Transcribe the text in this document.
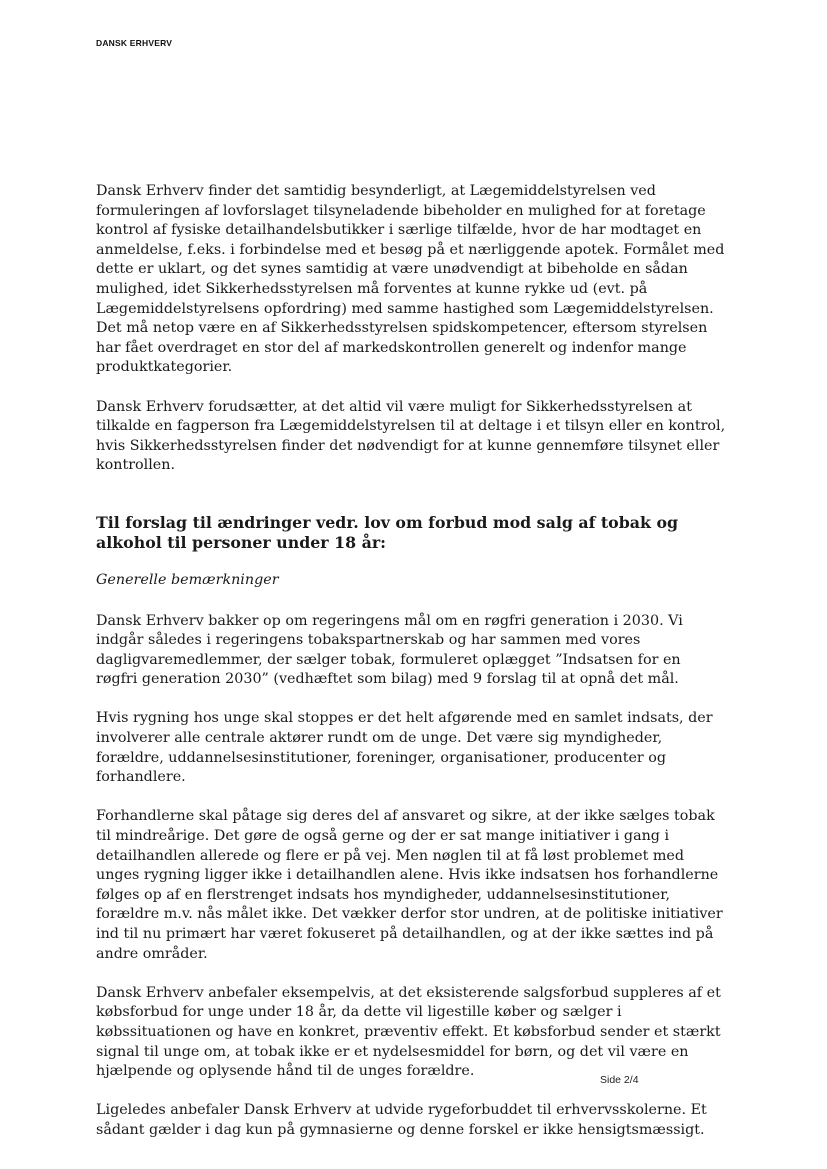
DANSK ERHVERV

Dansk Erhverv finder det samtidig besynderligt, at Lægemiddelstyrelsen ved formuleringen af lovforslaget tilsyneladende bibeholder en mulighed for at foretage kontrol af fysiske detailhandelsbutikker i særlige tilfælde, hvor de har modtaget en anmeldelse, f.eks. i forbindelse med et besøg på et nærliggende apotek. Formålet med dette er uklart, og det synes samtidig at være unødvendigt at bibeholde en sådan mulighed, idet Sikkerhedsstyrelsen må forventes at kunne rykke ud (evt. på Lægemiddelstyrelsens opfordring) med samme hastighed som Lægemiddelstyrelsen. Det må netop være en af Sikkerhedsstyrelsen spidskompetencer, eftersom styrelsen har fået overdraget en stor del af markedskontrollen generelt og indenfor mange produktkategorier.

Dansk Erhverv forudsætter, at det altid vil være muligt for Sikkerhedsstyrelsen at tilkalde en fagperson fra Lægemiddelstyrelsen til at deltage i et tilsyn eller en kontrol, hvis Sikkerhedsstyrelsen finder det nødvendigt for at kunne gennemføre tilsynet eller kontrollen.

Til forslag til ændringer vedr. lov om forbud mod salg af tobak og alkohol til personer under 18 år:

Generelle bemærkninger

Dansk Erhverv bakker op om regeringens mål om en røgfri generation i 2030. Vi indgår således i regeringens tobakspartnerskab og har sammen med vores dagligvaremedlemmer, der sælger tobak, formuleret oplægget ”Indsatsen for en røgfri generation 2030” (vedhæftet som bilag) med 9 forslag til at opnå det mål.

Hvis rygning hos unge skal stoppes er det helt afgørende med en samlet indsats, der involverer alle centrale aktører rundt om de unge. Det være sig myndigheder, forældre, uddannelsesinstitutioner, foreninger, organisationer, producenter og forhandlere.

Forhandlerne skal påtage sig deres del af ansvaret og sikre, at der ikke sælges tobak til mindreårige. Det gøre de også gerne og der er sat mange initiativer i gang i detailhandlen allerede og flere er på vej. Men nøglen til at få løst problemet med unges rygning ligger ikke i detailhandlen alene. Hvis ikke indsatsen hos forhandlerne følges op af en flerstrenget indsats hos myndigheder, uddannelsesinstitutioner, forældre m.v. nås målet ikke. Det vækker derfor stor undren, at de politiske initiativer ind til nu primært har været fokuseret på detailhandlen, og at der ikke sættes ind på andre områder.

Dansk Erhverv anbefaler eksempelvis, at det eksisterende salgsforbud suppleres af et købsforbud for unge under 18 år, da dette vil ligestille køber og sælger i købssituationen og have en konkret, præventiv effekt. Et købsforbud sender et stærkt signal til unge om, at tobak ikke er et nydelsesmiddel for børn, og det vil være en hjælpende og oplysende hånd til de unges forældre.

Ligeledes anbefaler Dansk Erhverv at udvide rygeforbuddet til erhvervsskolerne. Et sådant gælder i dag kun på gymnasierne og denne forskel er ikke hensigtsmæssigt.

Side 2/4
